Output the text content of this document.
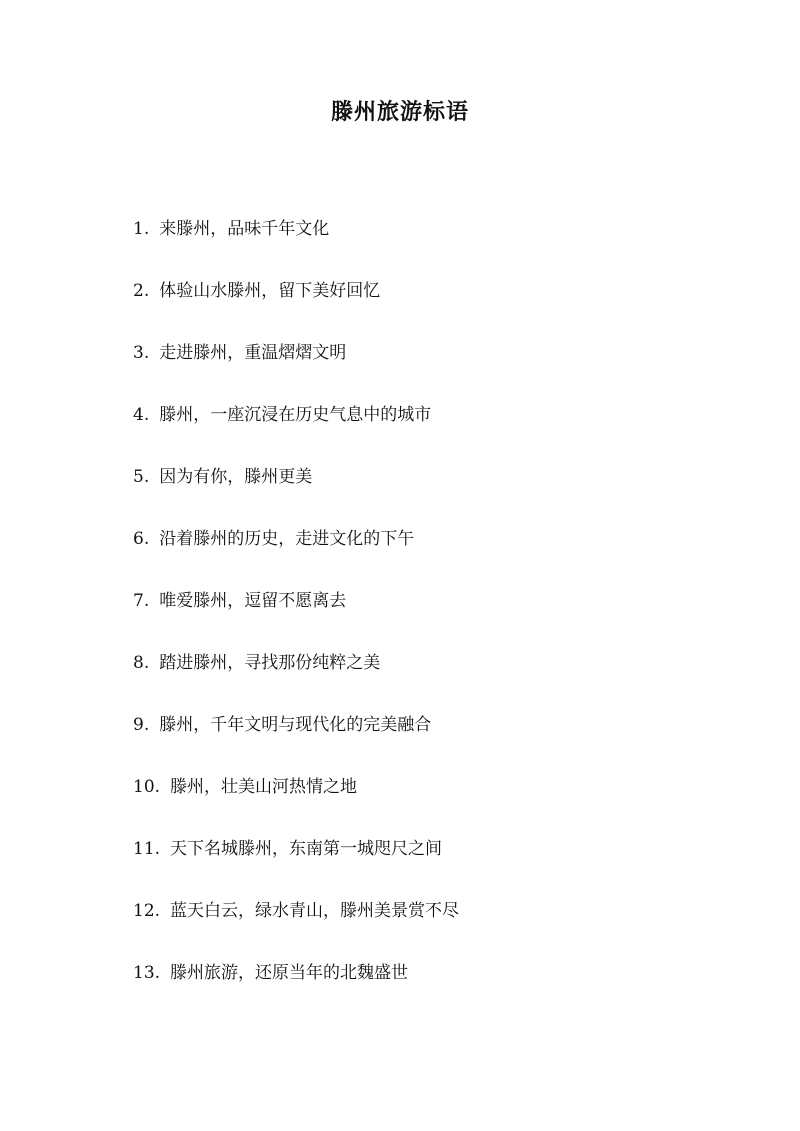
滕州旅游标语
1. 来滕州，品味千年文化
2. 体验山水滕州，留下美好回忆
3. 走进滕州，重温熠熠文明
4. 滕州，一座沉浸在历史气息中的城市
5. 因为有你，滕州更美
6. 沿着滕州的历史，走进文化的下午
7. 唯爱滕州，逗留不愿离去
8. 踏进滕州，寻找那份纯粹之美
9. 滕州，千年文明与现代化的完美融合
10. 滕州，壮美山河热情之地
11. 天下名城滕州，东南第一城咫尺之间
12. 蓝天白云，绿水青山，滕州美景赏不尽
13. 滕州旅游，还原当年的北魏盛世
